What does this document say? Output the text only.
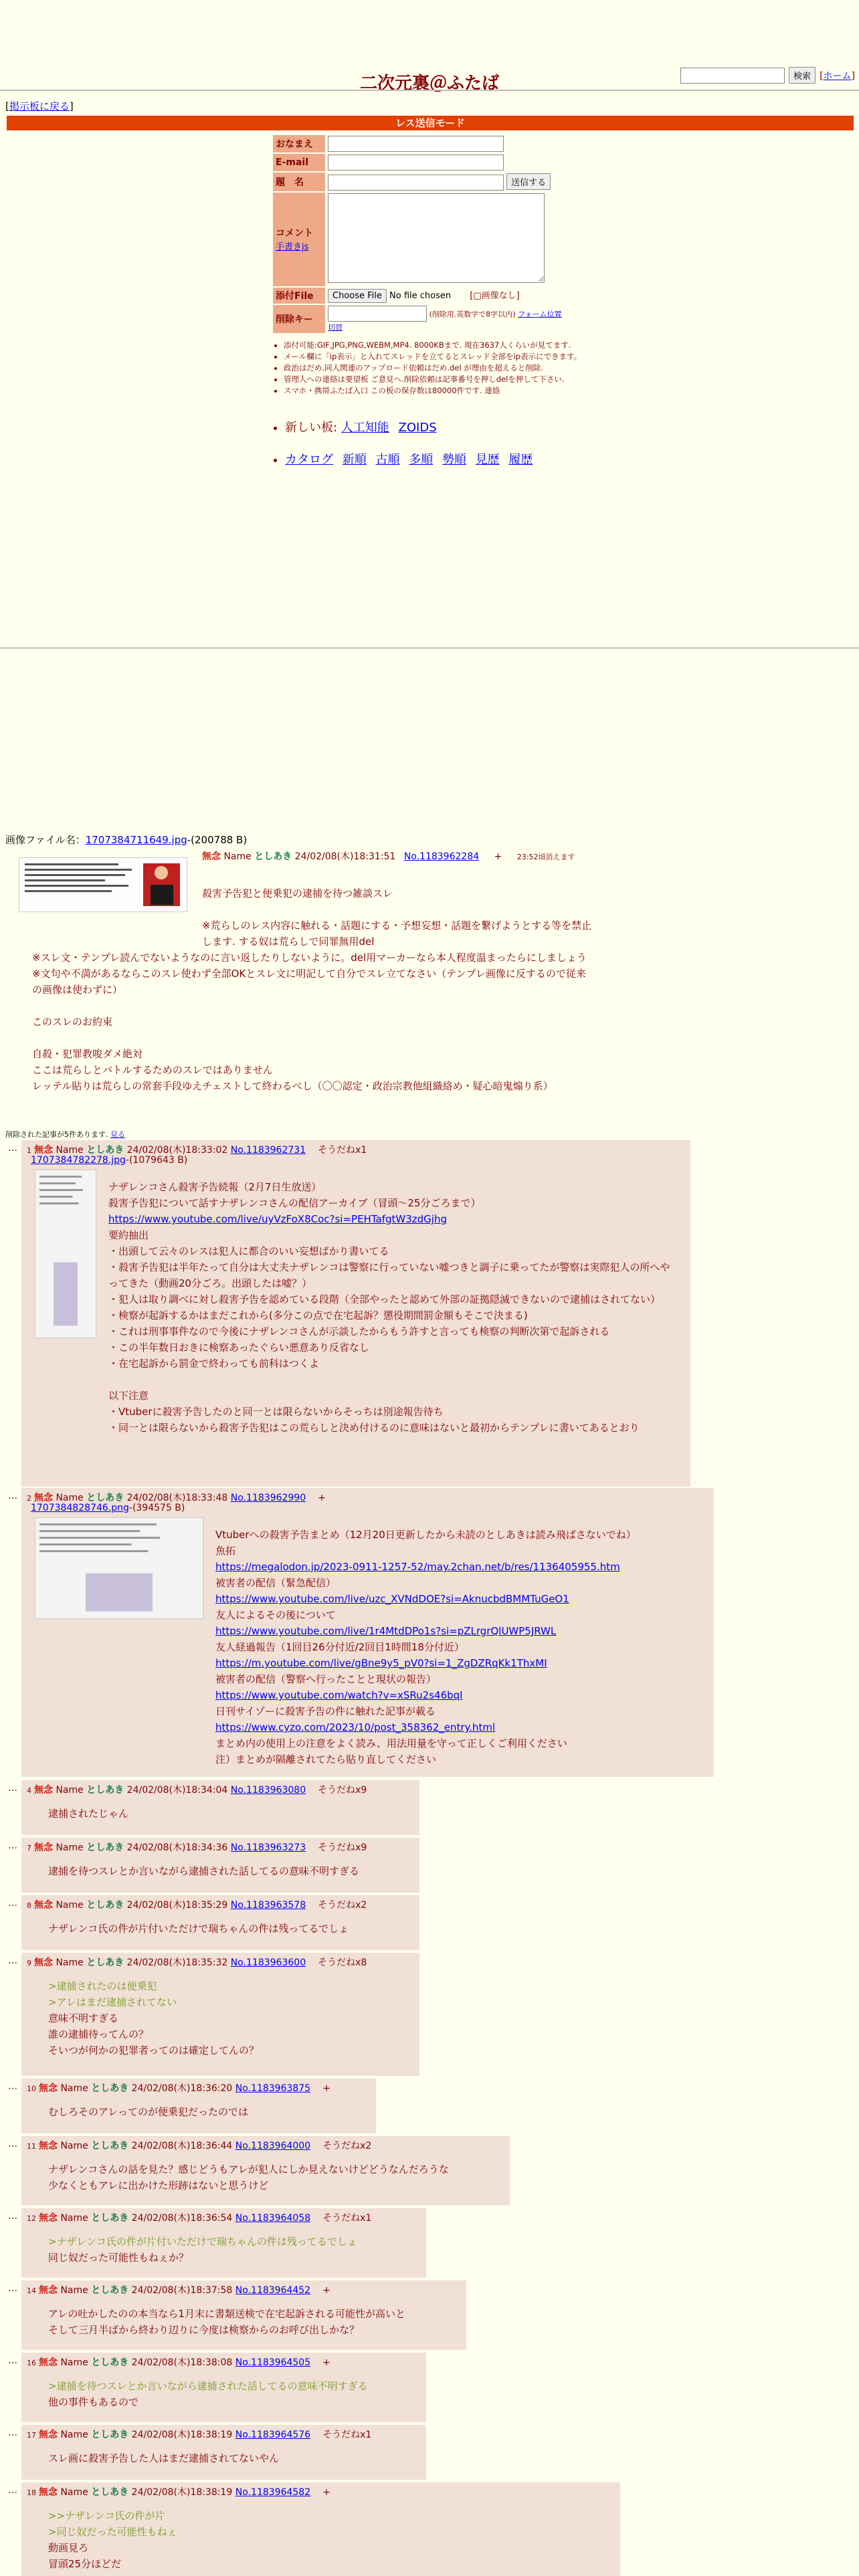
二次元裏＠ふたば	検索 [ホーム]
[掲示板に戻る]
レス送信モード
おなまえ	
E-mail	
題　名	送信する

コメント
手書きjs	
添付File	Choose File No file chosen [□画像なし]
削除キー	(削除用.英数字で8字以内) フォーム位置
切替
• 添付可能:GIF,JPG,PNG,WEBM,MP4. 8000KBまで. 現在3637人くらいが見てます.
• メール欄に「ip表示」と入れてスレッドを立てるとスレッド全部をip表示にできます。
• 政治はだめ.同人関連のアップロード依頼はだめ.del が理由を超えると削除.
• 管理人への連絡は要望板 ご意見へ.削除依頼は記事番号を押しdelを押して下さい.
• スマホ・携帯ふたば入口 この板の保存数は80000件です. 連絡
• 新しい板: 人工知能 ZOIDS
• カタログ 新順 古順 多順 勢順 見歴 履歴
画像ファイル名：1707384711649.jpg-(200788 B)
無念 Name としあき 24/02/08(木)18:31:51 No.1183962284 + 23:52頃消えます
殺害予告犯と便乗犯の逮捕を待つ雑談スレ

※荒らしのレス内容に触れる・話題にする・予想妄想・話題を繋げようとする等を禁止します. する奴は荒らしで同罪無用del
※スレ文・テンプレ読んでないようなのに言い返したりしないように。del用マーカーなら本人程度温まったらにしましょう
※文句や不満があるならこのスレ使わず全部OKとスレ文に明記して自分でスレ立てなさい（テンプレ画像に反するので従来の画像は使わずに）

このスレのお約束

自殺・犯罪教唆ダメ絶対
ここは荒らしとバトルするためのスレではありません
レッテル貼りは荒らしの常套手段ゆえチェストして終わるべし（〇〇認定・政治宗教他組織絡め・疑心暗鬼煽り系）
削除された記事が5件あります. 見る
… 1 無念 Name としあき 24/02/08(木)18:33:02 No.1183962731 そうだねx1
1707384782278.jpg-(1079643 B)
ナザレンコさん殺害予告続報（2月7日生放送）
殺害予告犯について話すナザレンコさんの配信アーカイブ（冒頭〜25分ごろまで）
https://www.youtube.com/live/uyVzFoX8Coc?si=PEHTafgtW3zdGjhg
要約抽出
・出頭して云々のレスは犯人に都合のいい妄想ばかり書いてる
・殺害予告犯は半年たって自分は大丈夫ナザレンコは警察に行っていない嘘つきと調子に乗ってたが警察は実際犯人の所へやってきた（動画20分ごろ。出頭したは嘘？）
・犯人は取り調べに対し殺害予告を認めている段階（全部やったと認めて外部の証拠隠滅できないので逮捕はされてない）
・検察が起訴するかはまだこれから(多分この点で在宅起訴？懲役期間罰金額もそこで決まる)
・これは刑事事件なので今後にナザレンコさんが示談したからもう許すと言っても検察の判断次第で起訴される
・この半年数日おきに検察あったぐらい悪意あり反省なし
・在宅起訴から罰金で終わっても前科はつくよ

以下注意
・Vtuberに殺害予告したのと同一とは限らないからそっちは別途報告待ち
・同一とは限らないから殺害予告犯はこの荒らしと決め付けるのに意味はないと最初からテンプレに書いてあるとおり
… 2 無念 Name としあき 24/02/08(木)18:33:48 No.1183962990 +
1707384828746.png-(394575 B)
Vtuberへの殺害予告まとめ（12月20日更新したから未読のとしあきは読み飛ばさないでね）
魚拓
https://megalodon.jp/2023-0911-1257-52/may.2chan.net/b/res/1136405955.htm
被害者の配信（緊急配信）
https://www.youtube.com/live/uzc_XVNdDOE?si=AknucbdBMMTuGeO1
友人によるその後について
https://www.youtube.com/live/1r4MtdDPo1s?si=pZLrgrQlUWP5JRWL
友人経過報告（1回目26分付近/2回目1時間18分付近）
https://m.youtube.com/live/gBne9y5_pV0?si=1_ZgDZRqKk1ThxMI
被害者の配信（警察へ行ったことと現状の報告）
https://www.youtube.com/watch?v=xSRu2s46bqI
日刊サイゾーに殺害予告の件に触れた記事が載る
https://www.cyzo.com/2023/10/post_358362_entry.html
まとめ内の使用上の注意をよく読み、用法用量を守って正しくご利用ください
注）まとめが隔離されてたら貼り直してください
… 4 無念 Name としあき 24/02/08(木)18:34:04 No.1183963080 そうだねx9
逮捕されたじゃん
… 7 無念 Name としあき 24/02/08(木)18:34:36 No.1183963273 そうだねx9
逮捕を待つスレとか言いながら逮捕された話してるの意味不明すぎる
… 8 無念 Name としあき 24/02/08(木)18:35:29 No.1183963578 そうだねx2
ナザレンコ氏の件が片付いただけで瑞ちゃんの件は残ってるでしょ
… 9 無念 Name としあき 24/02/08(木)18:35:32 No.1183963600 そうだねx8
>逮捕されたのは便乗犯
>アレはまだ逮捕されてない
意味不明すぎる
誰の逮捕待ってんの？
そいつが何かの犯罪者ってのは確定してんの？
… 10 無念 Name としあき 24/02/08(木)18:36:20 No.1183963875 +
むしろそのアレってのが便乗犯だったのでは
… 11 無念 Name としあき 24/02/08(木)18:36:44 No.1183964000 そうだねx2
ナザレンコさんの話を見た？感じどうもアレが犯人にしか見えないけどどうなんだろうな
少なくともアレに出かけた形跡はないと思うけど
… 12 無念 Name としあき 24/02/08(木)18:36:54 No.1183964058 そうだねx1
>ナザレンコ氏の件が片付いただけで瑞ちゃんの件は残ってるでしょ
同じ奴だった可能性もねぇか？
… 14 無念 Name としあき 24/02/08(木)18:37:58 No.1183964452 +
アレの吐かしたのの本当なら1月末に書類送検で在宅起訴される可能性が高いと
そして三月半ばから終わり辺りに今度は検察からのお呼び出しかな？
… 16 無念 Name としあき 24/02/08(木)18:38:08 No.1183964505 +
>逮捕を待つスレとか言いながら逮捕された話してるの意味不明すぎる
他の事件もあるので
… 17 無念 Name としあき 24/02/08(木)18:38:19 No.1183964576 そうだねx1
スレ画に殺害予告した人はまだ逮捕されてないやん
… 18 無念 Name としあき 24/02/08(木)18:38:19 No.1183964582 +
>>ナザレンコ氏の件が片
>同じ奴だった可能性もねぇ
動画見ろ
冒頭25分ほどだ
